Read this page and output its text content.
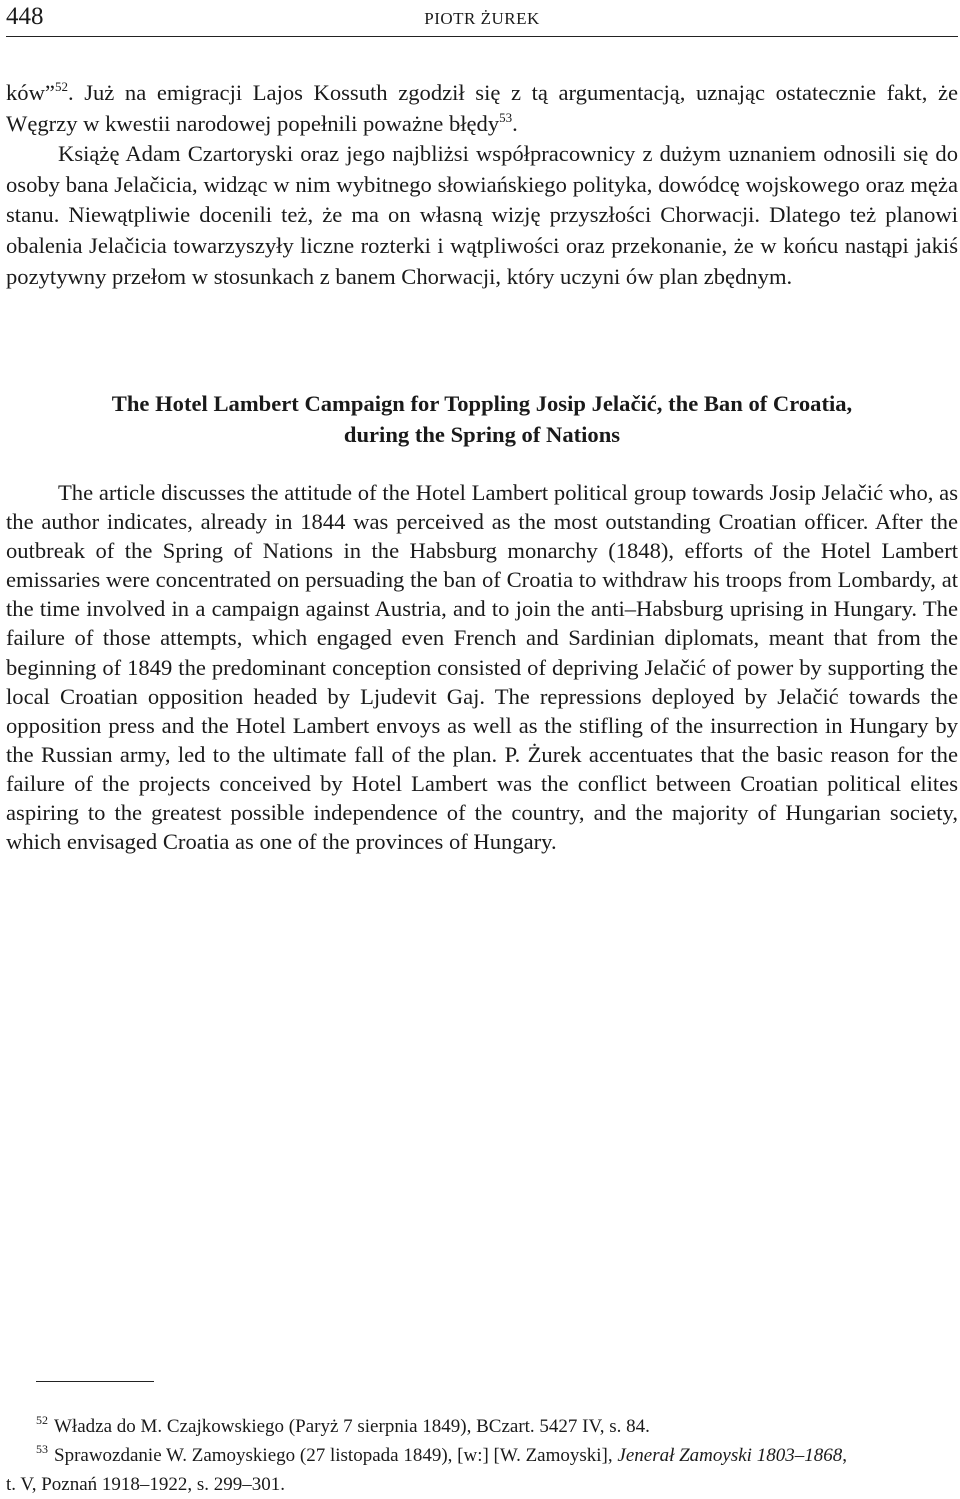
448	PIOTR ŻUREK

ków”$^{52}$. Już na emigracji Lajos Kossuth zgodził się z tą argumentacją, uznając ostatecznie fakt, że Węgrzy w kwestii narodowej popełnili poważne błędy$^{53}$.

Książę Adam Czartoryski oraz jego najbliżsi współpracownicy z dużym uznaniem odnosili się do osoby bana Jelačicia, widząc w nim wybitnego słowiańskiego polityka, dowódcę wojskowego oraz męża stanu. Niewątpliwie docenili też, że ma on własną wizję przyszłości Chorwacji. Dlatego też planowi obalenia Jelačicia towarzyszyły liczne rozterki i wątpliwości oraz przekonanie, że w końcu nastąpi jakiś pozytywny przełom w stosunkach z banem Chorwacji, który uczyni ów plan zbędnym.

The Hotel Lambert Campaign for Toppling Josip Jelačić, the Ban of Croatia,
during the Spring of Nations

The article discusses the attitude of the Hotel Lambert political group towards Josip Jelačić who, as the author indicates, already in 1844 was perceived as the most outstanding Croatian officer. After the outbreak of the Spring of Nations in the Habsburg monarchy (1848), efforts of the Hotel Lambert emissaries were concentrated on persuading the ban of Croatia to withdraw his troops from Lombardy, at the time involved in a campaign against Austria, and to join the anti–Habsburg uprising in Hungary. The failure of those attempts, which engaged even French and Sardinian diplomats, meant that from the beginning of 1849 the predominant conception consisted of depriving Jelačić of power by supporting the local Croatian opposition headed by Ljudevit Gaj. The repressions deployed by Jelačić towards the opposition press and the Hotel Lambert envoys as well as the stifling of the insurrection in Hungary by the Russian army, led to the ultimate fall of the plan. P. Żurek accentuates that the basic reason for the failure of the projects conceived by Hotel Lambert was the conflict between Croatian political elites aspiring to the greatest possible independence of the country, and the majority of Hungarian society, which envisaged Croatia as one of the provinces of Hungary.

$^{52}$ Władza do M. Czajkowskiego (Paryż 7 sierpnia 1849), BCzart. 5427 IV, s. 84.

$^{53}$ Sprawozdanie W. Zamoyskiego (27 listopada 1849), [w:] [W. Zamoyski], Jenerał Zamoyski 1803–1868,
t. V, Poznań 1918–1922, s. 299–301.
